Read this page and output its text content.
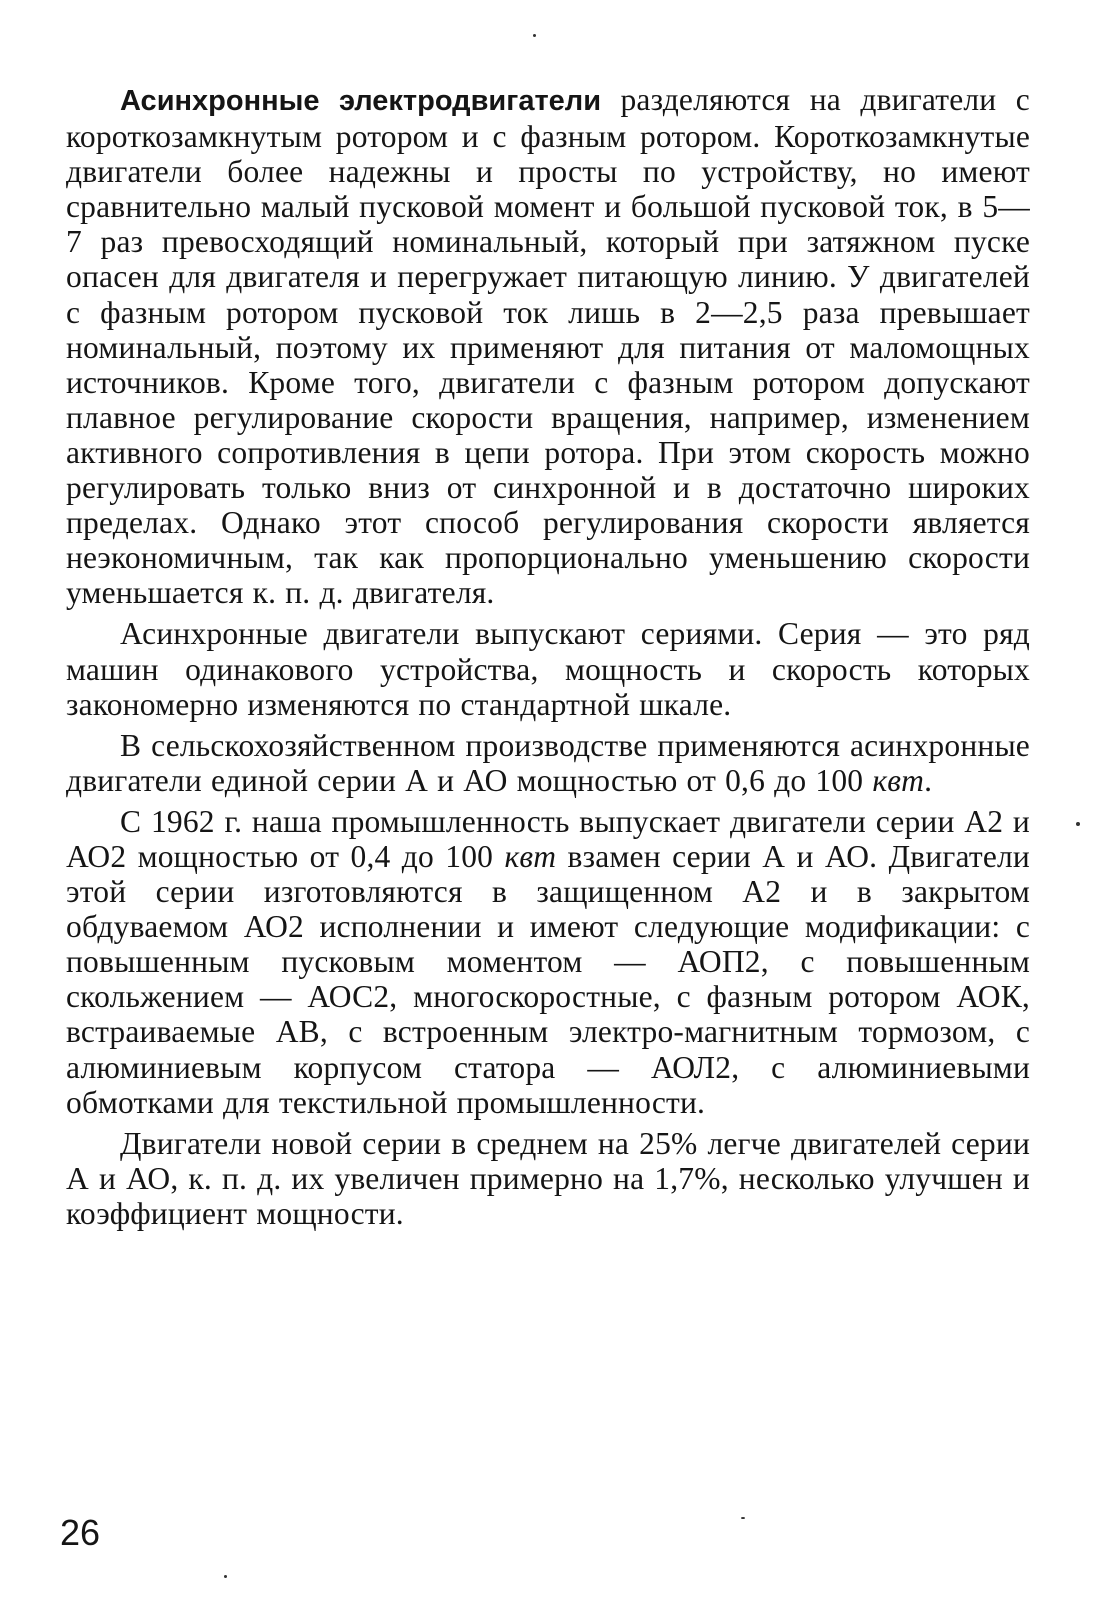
Асинхронные электродвигатели разделяются на двигатели с короткозамкнутым ротором и с фазным ротором. Короткозамкнутые двигатели более надежны и просты по устройству, но имеют сравнительно малый пусковой момент и большой пусковой ток, в 5—7 раз превосходящий номинальный, который при затяжном пуске опасен для двигателя и перегружает питающую линию. У двигателей с фазным ротором пусковой ток лишь в 2—2,5 раза превышает номинальный, поэтому их применяют для питания от маломощных источников. Кроме того, двигатели с фазным ротором допускают плавное регулирование скорости вращения, например, изменением активного сопротивления в цепи ротора. При этом скорость можно регулировать только вниз от синхронной и в достаточно широких пределах. Однако этот способ регулирования скорости является неэкономичным, так как пропорционально уменьшению скорости уменьшается к. п. д. двигателя.

Асинхронные двигатели выпускают сериями. Серия — это ряд машин одинакового устройства, мощность и скорость которых закономерно изменяются по стандартной шкале.

В сельскохозяйственном производстве применяются асинхронные двигатели единой серии А и АО мощностью от 0,6 до 100 квт.

С 1962 г. наша промышленность выпускает двигатели серии А2 и АО2 мощностью от 0,4 до 100 квт взамен серии А и АО. Двигатели этой серии изготовляются в защищенном А2 и в закрытом обдуваемом АО2 исполнении и имеют следующие модификации: с повышенным пусковым моментом — АОП2, с повышенным скольжением — АОС2, многоскоростные, с фазным ротором АОК, встраиваемые АВ, с встроенным электро-магнитным тормозом, с алюминиевым корпусом статора — АОЛ2, с алюминиевыми обмотками для текстильной промышленности.

Двигатели новой серии в среднем на 25% легче двигателей серии А и АО, к. п. д. их увеличен примерно на 1,7%, несколько улучшен и коэффициент мощности.

26
